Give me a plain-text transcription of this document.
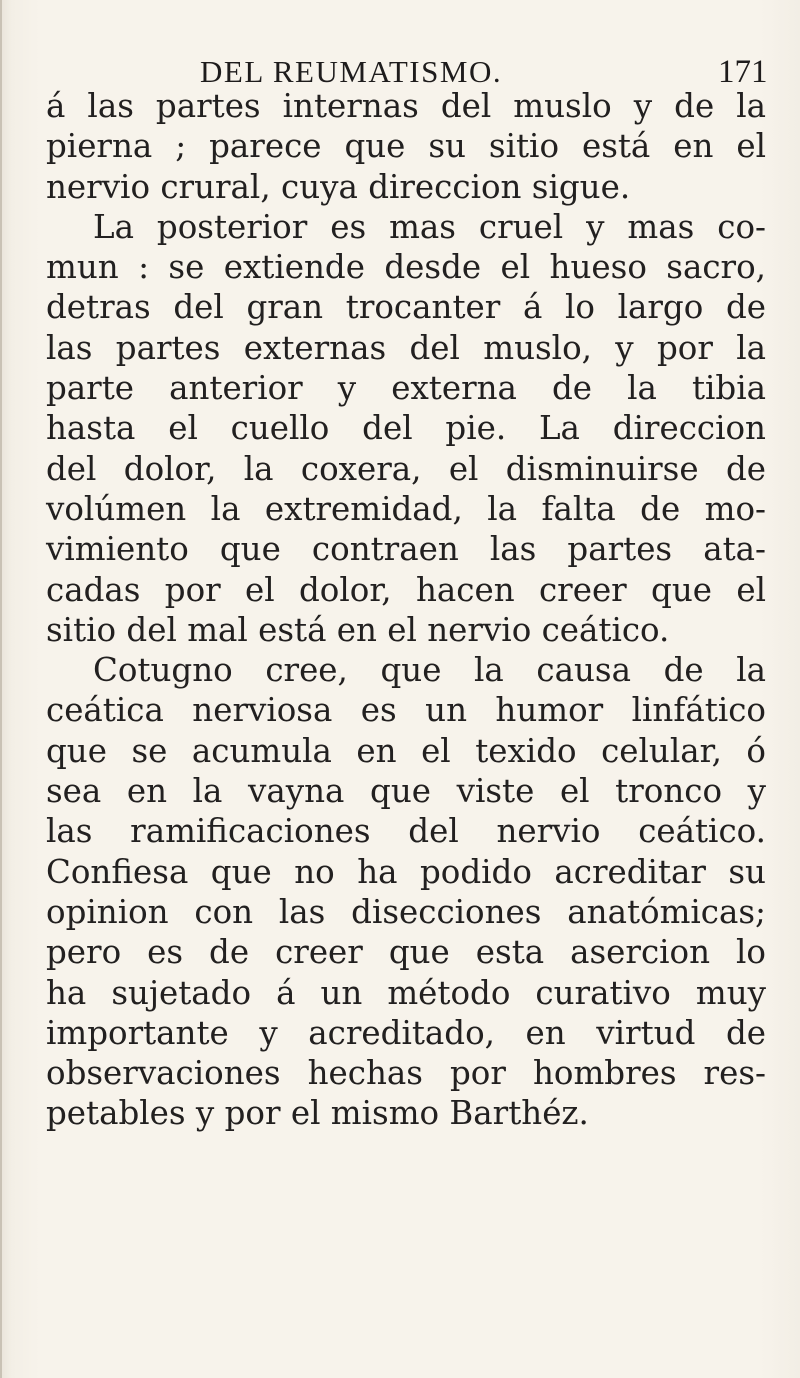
DEL REUMATISMO.	171
á las partes internas del muslo y de la
pierna ; parece que su sitio está en el
nervio crural, cuya direccion sigue.
La posterior es mas cruel y mas co-
mun : se extiende desde el hueso sacro,
detras del gran trocanter á lo largo de
las partes externas del muslo, y por la
parte anterior y externa de la tibia
hasta el cuello del pie. La direccion
del dolor, la coxera, el disminuirse de
volúmen la extremidad, la falta de mo-
vimiento que contraen las partes ata-
cadas por el dolor, hacen creer que el
sitio del mal está en el nervio ceático.
Cotugno cree, que la causa de la
ceática nerviosa es un humor linfático
que se acumula en el texido celular, ó
sea en la vayna que viste el tronco y
las ramificaciones del nervio ceático.
Confiesa que no ha podido acreditar su
opinion con las disecciones anatómicas;
pero es de creer que esta asercion lo
ha sujetado á un método curativo muy
importante y acreditado, en virtud de
observaciones hechas por hombres res-
petables y por el mismo Barthéz.
